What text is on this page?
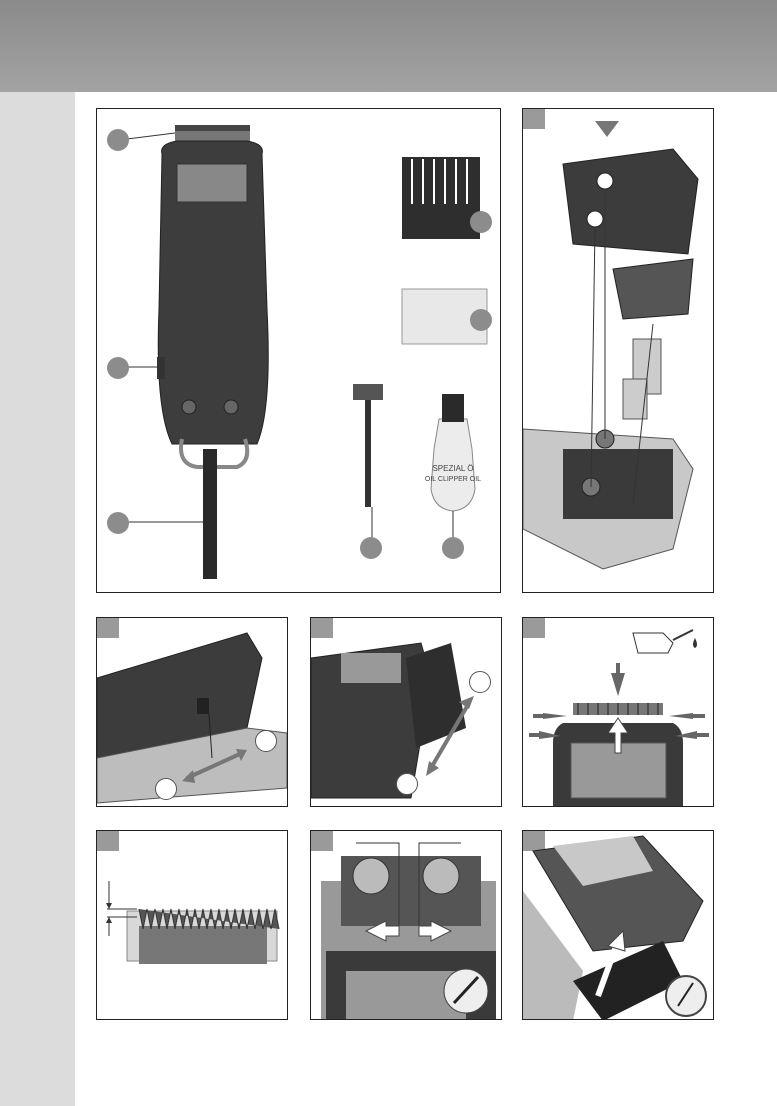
SPEZIAL Ö
OIL CLIPPER OIL
